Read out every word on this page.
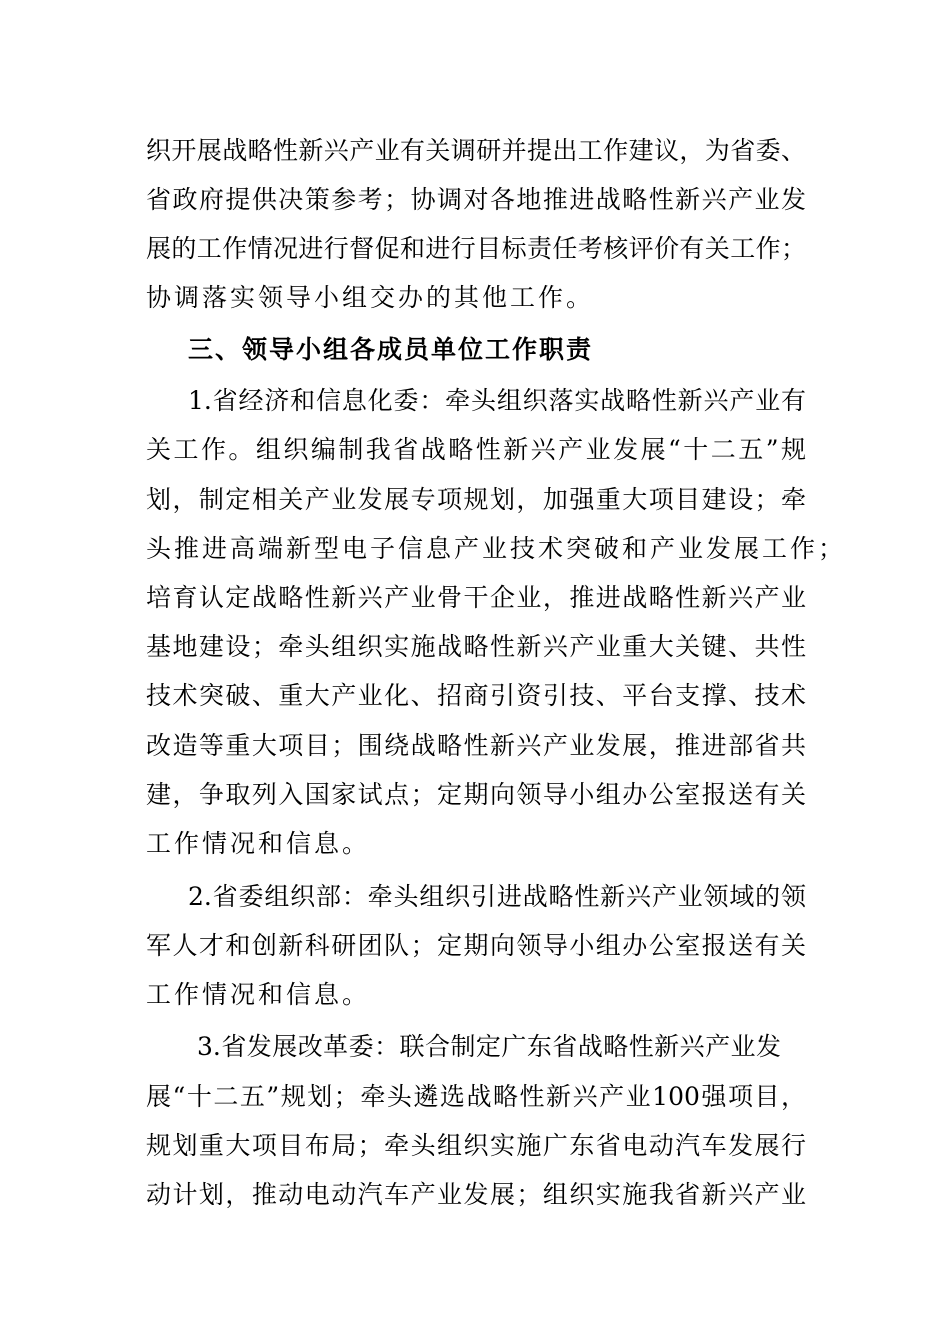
织开展战略性新兴产业有关调研并提出工作建议，为省委、
省政府提供决策参考；协调对各地推进战略性新兴产业发
展的工作情况进行督促和进行目标责任考核评价有关工作；
协调落实领导小组交办的其他工作。
三、领导小组各成员单位工作职责
1.省经济和信息化委：牵头组织落实战略性新兴产业有
关工作。组织编制我省战略性新兴产业发展“十二五”规
划，制定相关产业发展专项规划，加强重大项目建设；牵
头推进高端新型电子信息产业技术突破和产业发展工作；
培育认定战略性新兴产业骨干企业，推进战略性新兴产业
基地建设；牵头组织实施战略性新兴产业重大关键、共性
技术突破、重大产业化、招商引资引技、平台支撑、技术
改造等重大项目；围绕战略性新兴产业发展，推进部省共
建，争取列入国家试点；定期向领导小组办公室报送有关
工作情况和信息。
2.省委组织部：牵头组织引进战略性新兴产业领域的领
军人才和创新科研团队；定期向领导小组办公室报送有关
工作情况和信息。
3.省发展改革委：联合制定广东省战略性新兴产业发
展“十二五”规划；牵头遴选战略性新兴产业100强项目，
规划重大项目布局；牵头组织实施广东省电动汽车发展行
动计划，推动电动汽车产业发展；组织实施我省新兴产业
